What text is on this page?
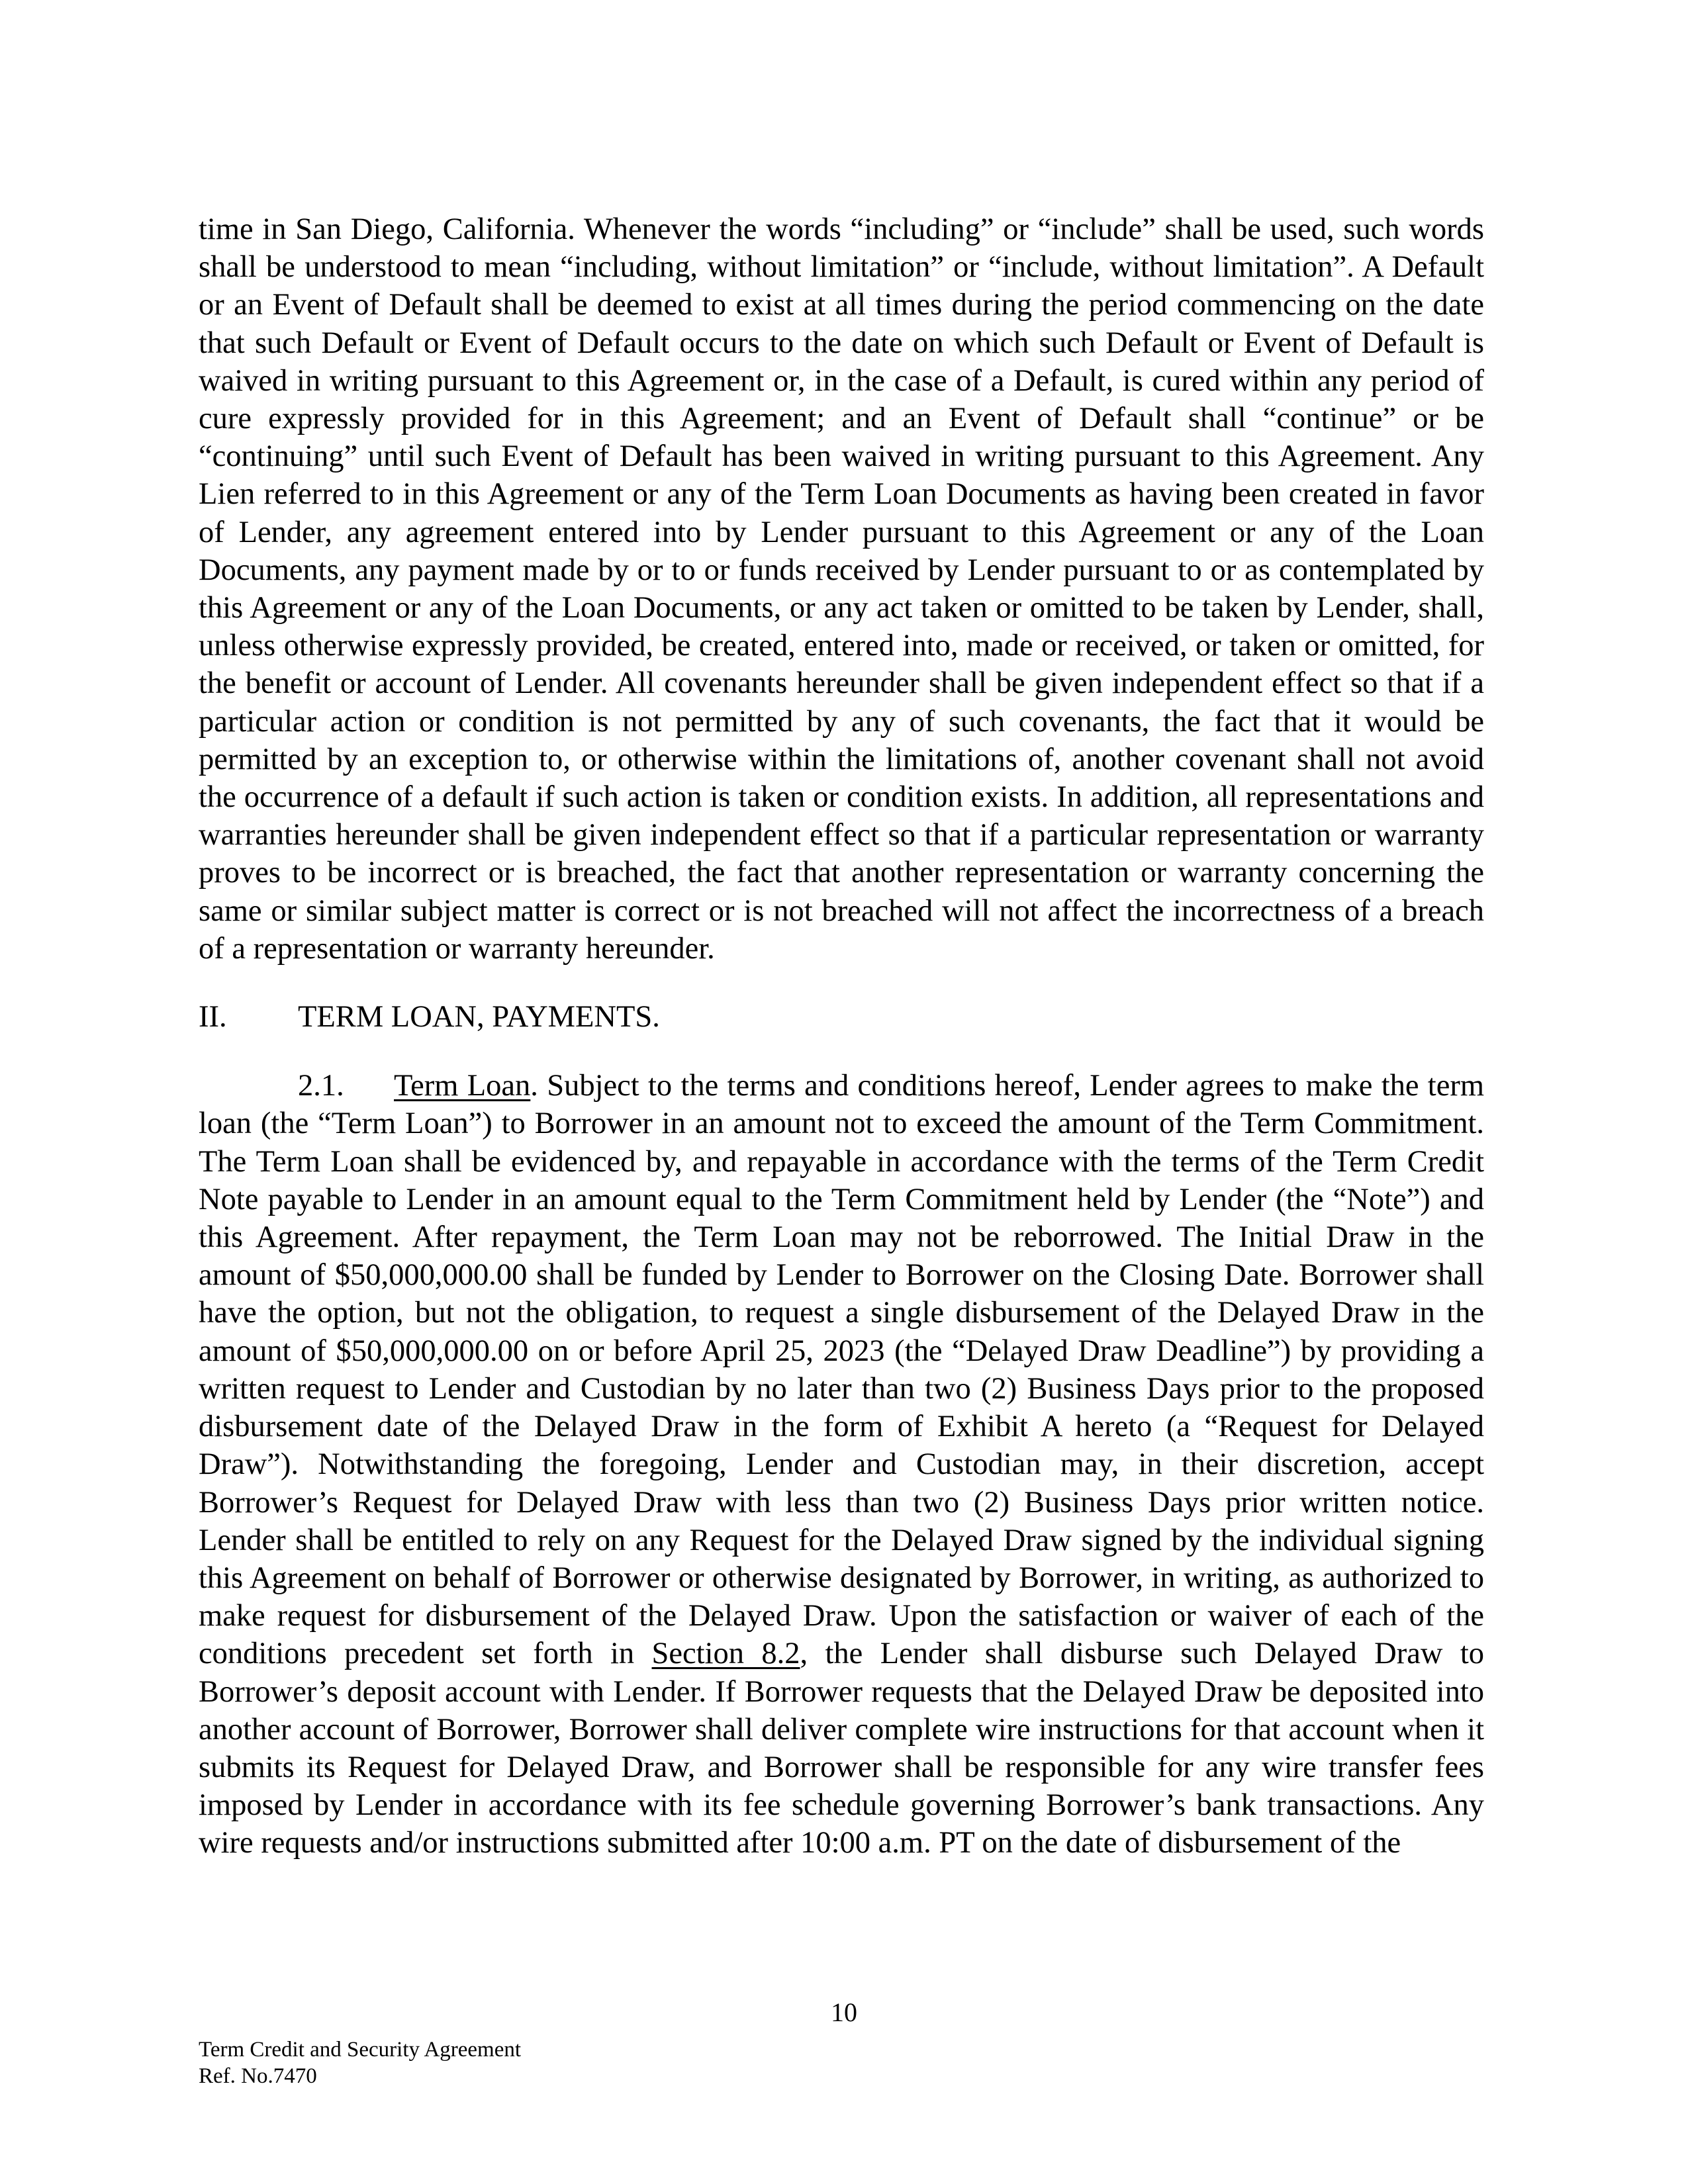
time in San Diego, California. Whenever the words “including” or “include” shall be used, such words shall be understood to mean “including, without limitation” or “include, without limitation”. A Default or an Event of Default shall be deemed to exist at all times during the period commencing on the date that such Default or Event of Default occurs to the date on which such Default or Event of Default is waived in writing pursuant to this Agreement or, in the case of a Default, is cured within any period of cure expressly provided for in this Agreement; and an Event of Default shall “continue” or be “continuing” until such Event of Default has been waived in writing pursuant to this Agreement. Any Lien referred to in this Agreement or any of the Term Loan Documents as having been created in favor of Lender, any agreement entered into by Lender pursuant to this Agreement or any of the Loan Documents, any payment made by or to or funds received by Lender pursuant to or as contemplated by this Agreement or any of the Loan Documents, or any act taken or omitted to be taken by Lender, shall, unless otherwise expressly provided, be created, entered into, made or received, or taken or omitted, for the benefit or account of Lender. All covenants hereunder shall be given independent effect so that if a particular action or condition is not permitted by any of such covenants, the fact that it would be permitted by an exception to, or otherwise within the limitations of, another covenant shall not avoid the occurrence of a default if such action is taken or condition exists. In addition, all representations and warranties hereunder shall be given independent effect so that if a particular representation or warranty proves to be incorrect or is breached, the fact that another representation or warranty concerning the same or similar subject matter is correct or is not breached will not affect the incorrectness of a breach of a representation or warranty hereunder.

II.	TERM LOAN, PAYMENTS.

2.1. Term Loan. Subject to the terms and conditions hereof, Lender agrees to make the term loan (the “Term Loan”) to Borrower in an amount not to exceed the amount of the Term Commitment. The Term Loan shall be evidenced by, and repayable in accordance with the terms of the Term Credit Note payable to Lender in an amount equal to the Term Commitment held by Lender (the “Note”) and this Agreement. After repayment, the Term Loan may not be reborrowed. The Initial Draw in the amount of $50,000,000.00 shall be funded by Lender to Borrower on the Closing Date. Borrower shall have the option, but not the obligation, to request a single disbursement of the Delayed Draw in the amount of $50,000,000.00 on or before April 25, 2023 (the “Delayed Draw Deadline”) by providing a written request to Lender and Custodian by no later than two (2) Business Days prior to the proposed disbursement date of the Delayed Draw in the form of Exhibit A hereto (a “Request for Delayed Draw”). Notwithstanding the foregoing, Lender and Custodian may, in their discretion, accept Borrower’s Request for Delayed Draw with less than two (2) Business Days prior written notice. Lender shall be entitled to rely on any Request for the Delayed Draw signed by the individual signing this Agreement on behalf of Borrower or otherwise designated by Borrower, in writing, as authorized to make request for disbursement of the Delayed Draw. Upon the satisfaction or waiver of each of the conditions precedent set forth in Section 8.2, the Lender shall disburse such Delayed Draw to Borrower’s deposit account with Lender. If Borrower requests that the Delayed Draw be deposited into another account of Borrower, Borrower shall deliver complete wire instructions for that account when it submits its Request for Delayed Draw, and Borrower shall be responsible for any wire transfer fees imposed by Lender in accordance with its fee schedule governing Borrower’s bank transactions. Any wire requests and/or instructions submitted after 10:00 a.m. PT on the date of disbursement of the

10
Term Credit and Security Agreement
Ref. No.7470
